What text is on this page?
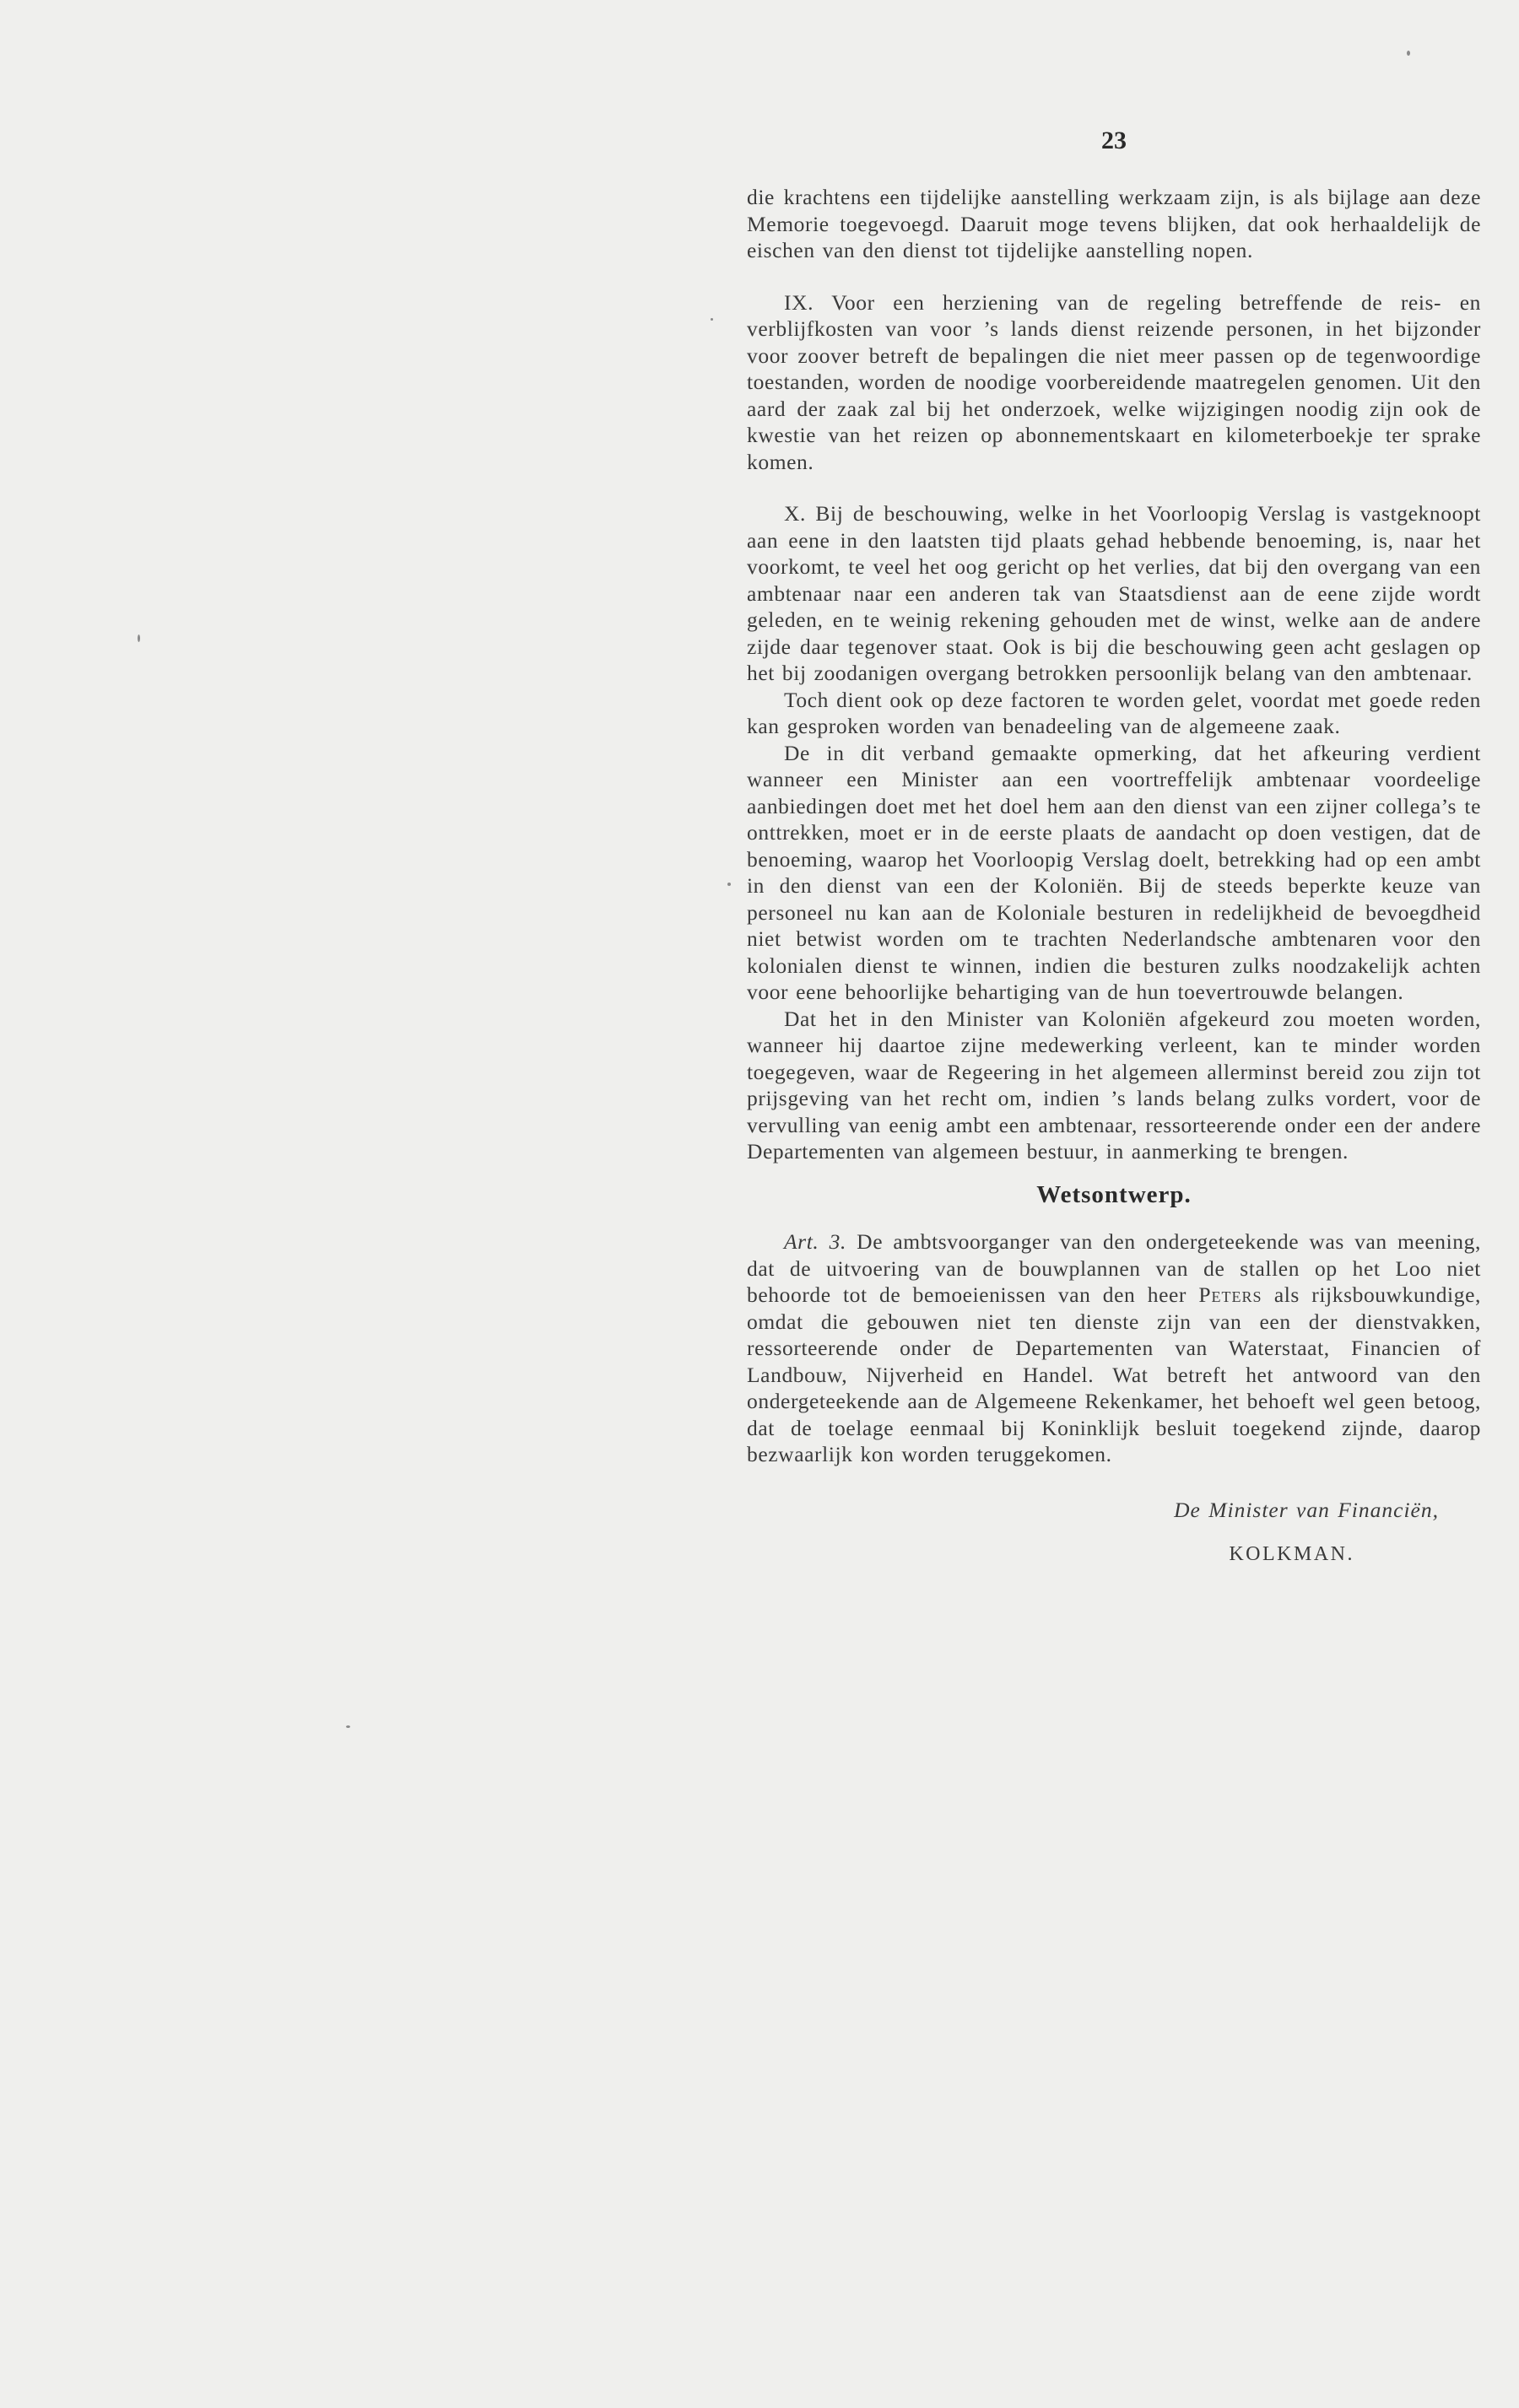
23

die krachtens een tijdelijke aanstelling werkzaam zijn, is als bijlage aan deze Memorie toegevoegd. Daaruit moge tevens blijken, dat ook herhaaldelijk de eischen van den dienst tot tijdelijke aanstelling nopen.

IX. Voor een herziening van de regeling betreffende de reis- en verblijfkosten van voor ’s lands dienst reizende personen, in het bijzonder voor zoover betreft de bepalingen die niet meer passen op de tegenwoordige toestanden, worden de noodige voorbereidende maatregelen genomen. Uit den aard der zaak zal bij het onderzoek, welke wijzigingen noodig zijn ook de kwestie van het reizen op abonnementskaart en kilometerboekje ter sprake komen.

X. Bij de beschouwing, welke in het Voorloopig Verslag is vastgeknoopt aan eene in den laatsten tijd plaats gehad hebbende benoeming, is, naar het voorkomt, te veel het oog gericht op het verlies, dat bij den overgang van een ambtenaar naar een anderen tak van Staatsdienst aan de eene zijde wordt geleden, en te weinig rekening gehouden met de winst, welke aan de andere zijde daar tegenover staat. Ook is bij die beschouwing geen acht geslagen op het bij zoodanigen overgang betrokken persoonlijk belang van den ambtenaar.

Toch dient ook op deze factoren te worden gelet, voordat met goede reden kan gesproken worden van benadeeling van de algemeene zaak.

De in dit verband gemaakte opmerking, dat het afkeuring verdient wanneer een Minister aan een voortreffelijk ambtenaar voordeelige aanbiedingen doet met het doel hem aan den dienst van een zijner collega’s te onttrekken, moet er in de eerste plaats de aandacht op doen vestigen, dat de benoeming, waarop het Voorloopig Verslag doelt, betrekking had op een ambt in den dienst van een der Koloniën. Bij de steeds beperkte keuze van personeel nu kan aan de Koloniale besturen in redelijkheid de bevoegdheid niet betwist worden om te trachten Nederlandsche ambtenaren voor den kolonialen dienst te winnen, indien die besturen zulks noodzakelijk achten voor eene behoorlijke behartiging van de hun toevertrouwde belangen.

Dat het in den Minister van Koloniën afgekeurd zou moeten worden, wanneer hij daartoe zijne medewerking verleent, kan te minder worden toegegeven, waar de Regeering in het algemeen allerminst bereid zou zijn tot prijsgeving van het recht om, indien ’s lands belang zulks vordert, voor de vervulling van eenig ambt een ambtenaar, ressorteerende onder een der andere Departementen van algemeen bestuur, in aanmerking te brengen.

Wetsontwerp.

Art. 3. De ambtsvoorganger van den ondergeteekende was van meening, dat de uitvoering van de bouwplannen van de stallen op het Loo niet behoorde tot de bemoeienissen van den heer Peters als rijksbouwkundige, omdat die gebouwen niet ten dienste zijn van een der dienstvakken, ressorteerende onder de Departementen van Waterstaat, Financien of Landbouw, Nijverheid en Handel. Wat betreft het antwoord van den ondergeteekende aan de Algemeene Rekenkamer, het behoeft wel geen betoog, dat de toelage eenmaal bij Koninklijk besluit toegekend zijnde, daarop bezwaarlijk kon worden teruggekomen.

De Minister van Financiën,
KOLKMAN.
